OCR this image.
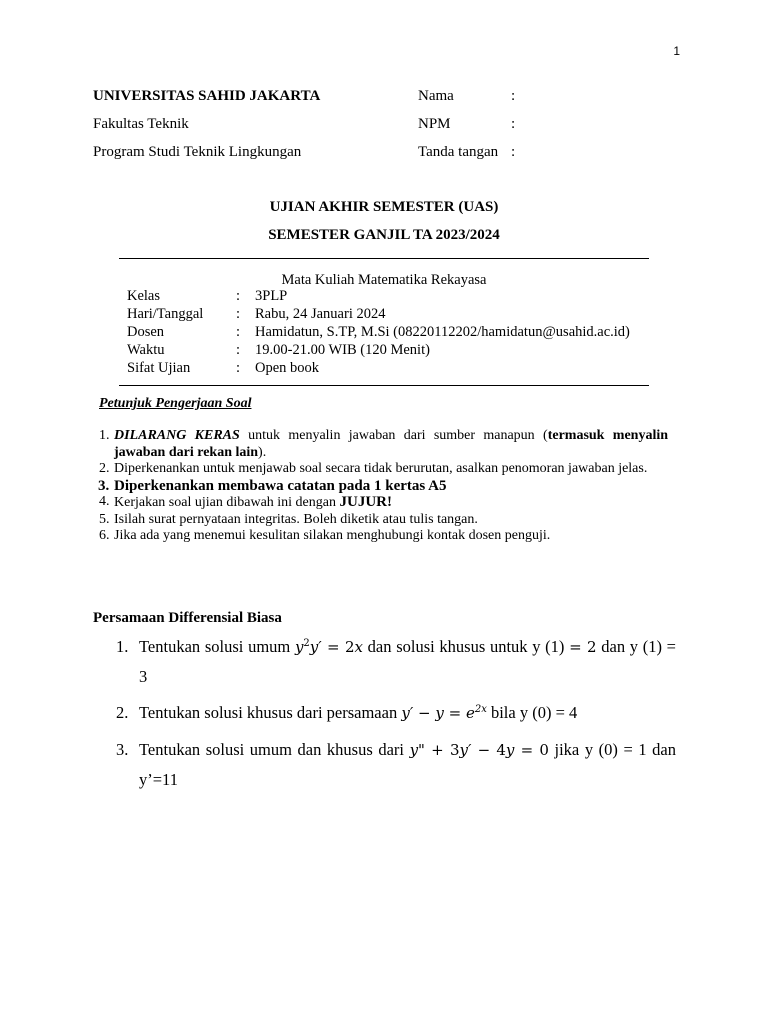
1
UNIVERSITAS SAHID JAKARTA	Nama	:
Fakultas Teknik	NPM	:
Program Studi Teknik Lingkungan	Tanda tangan :
UJIAN AKHIR SEMESTER (UAS)
SEMESTER GANJIL TA 2023/2024
Mata Kuliah Matematika Rekayasa
Kelas	: 3PLP
Hari/Tanggal : Rabu, 24 Januari 2024
Dosen	: Hamidatun, S.TP, M.Si (08220112202/hamidatun@usahid.ac.id)
Waktu	: 19.00-21.00 WIB (120 Menit)
Sifat Ujian	: Open book
Petunjuk Pengerjaan Soal
1. DILARANG KERAS untuk menyalin jawaban dari sumber manapun (termasuk menyalin jawaban dari rekan lain).
2. Diperkenankan untuk menjawab soal secara tidak berurutan, asalkan penomoran jawaban jelas.
3. Diperkenankan membawa catatan pada 1 kertas A5
4. Kerjakan soal ujian dibawah ini dengan JUJUR!
5. Isilah surat pernyataan integritas. Boleh diketik atau tulis tangan.
6. Jika ada yang menemui kesulitan silakan menghubungi kontak dosen penguji.
Persamaan Differensial Biasa
1. Tentukan solusi umum $y^2y' = 2x$ dan solusi khusus untuk y (1) = 2 dan y (1) = 3
2. Tentukan solusi khusus dari persamaan $y' - y = e^{2x}$ bila y (0) = 4
3. Tentukan solusi umum dan khusus dari y" + 3y′ − 4y = 0 jika y (0) = 1 dan y’=11
